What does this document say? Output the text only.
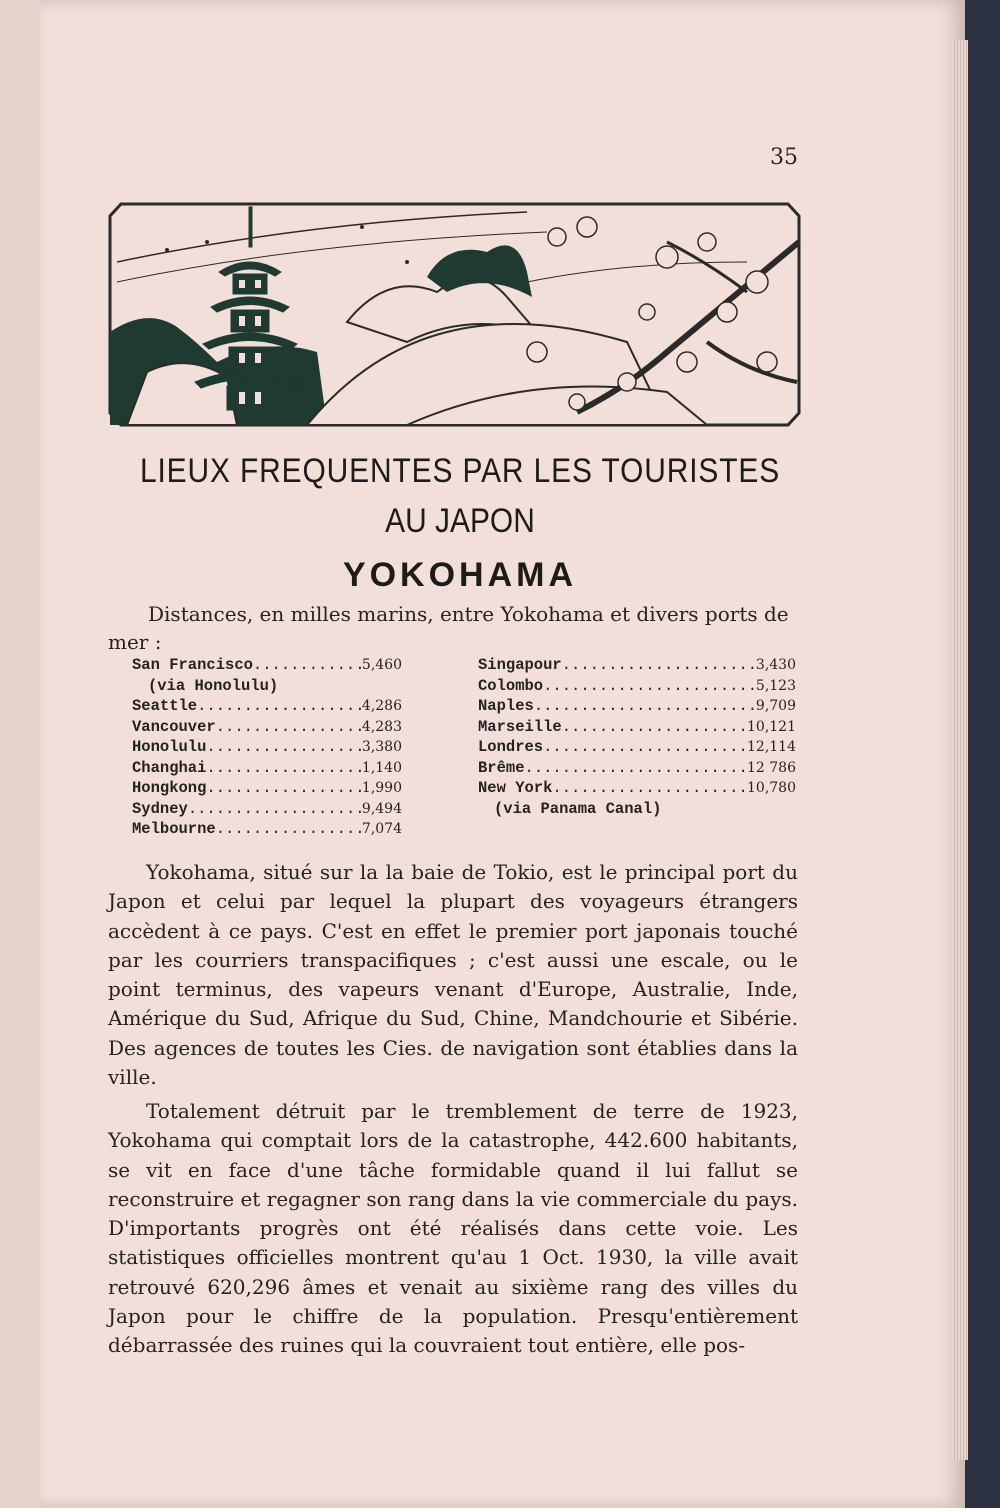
35
LIEUX FREQUENTES PAR LES TOURISTES
AU JAPON
YOKOHAMA
Distances, en milles marins, entre Yokohama et divers ports de mer :
San Francisco .....	5,460
(via Honolulu)
Seattle .....	4,286
Vancouver .....	4,283
Honolulu .....	3,380
Changhai .....	1,140
Hongkong .....	1,990
Sydney .....	9,494
Melbourne .....	7,074
Singapour .....	3,430
Colombo .....	5,123
Naples .....	9,709
Marseille .....	10,121
Londres .....	12,114
Brême .....	12 786
New York .....	10,780
(via Panama Canal)
Yokohama, situé sur la la baie de Tokio, est le principal port du Japon et celui par lequel la plupart des voyageurs étrangers accèdent à ce pays. C'est en effet le premier port japonais touché par les courriers transpacifiques ; c'est aussi une escale, ou le point terminus, des vapeurs venant d'Europe, Australie, Inde, Amérique du Sud, Afrique du Sud, Chine, Mandchourie et Sibérie. Des agences de toutes les Cies. de navigation sont établies dans la ville.
Totalement détruit par le tremblement de terre de 1923, Yokohama qui comptait lors de la catastrophe, 442.600 habitants, se vit en face d'une tâche formidable quand il lui fallut se reconstruire et regagner son rang dans la vie commerciale du pays. D'importants progrès ont été réalisés dans cette voie. Les statistiques officielles montrent qu'au 1 Oct. 1930, la ville avait retrouvé 620,296 âmes et venait au sixième rang des villes du Japon pour le chiffre de la population. Presqu'entièrement débarrassée des ruines qui la couvraient tout entière, elle pos-
